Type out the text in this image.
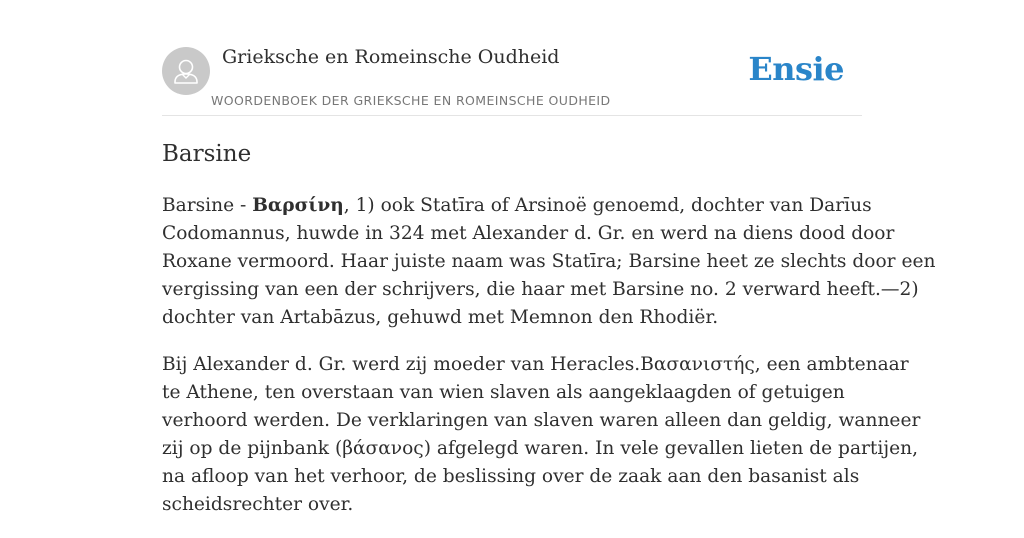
Grieksche en Romeinsche Oudheid
WOORDENBOEK DER GRIEKSCHE EN ROMEINSCHE OUDHEID
Ensie
Barsine

Barsine - Βαρσίνη, 1) ook Statīra of Arsinoë genoemd, dochter van Darīus
Codomannus, huwde in 324 met Alexander d. Gr. en werd na diens dood door
Roxane vermoord. Haar juiste naam was Statīra; Barsine heet ze slechts door een
vergissing van een der schrijvers, die haar met Barsine no. 2 verward heeft.—2)
dochter van Artabāzus, gehuwd met Memnon den Rhodiër.

Bij Alexander d. Gr. werd zij moeder van Heracles.Βασανιστής, een ambtenaar
te Athene, ten overstaan van wien slaven als aangeklaagden of getuigen
verhoord werden. De verklaringen van slaven waren alleen dan geldig, wanneer
zij op de pijnbank (βάσανος) afgelegd waren. In vele gevallen lieten de partijen,
na afloop van het verhoor, de beslissing over de zaak aan den basanist als
scheidsrechter over.
